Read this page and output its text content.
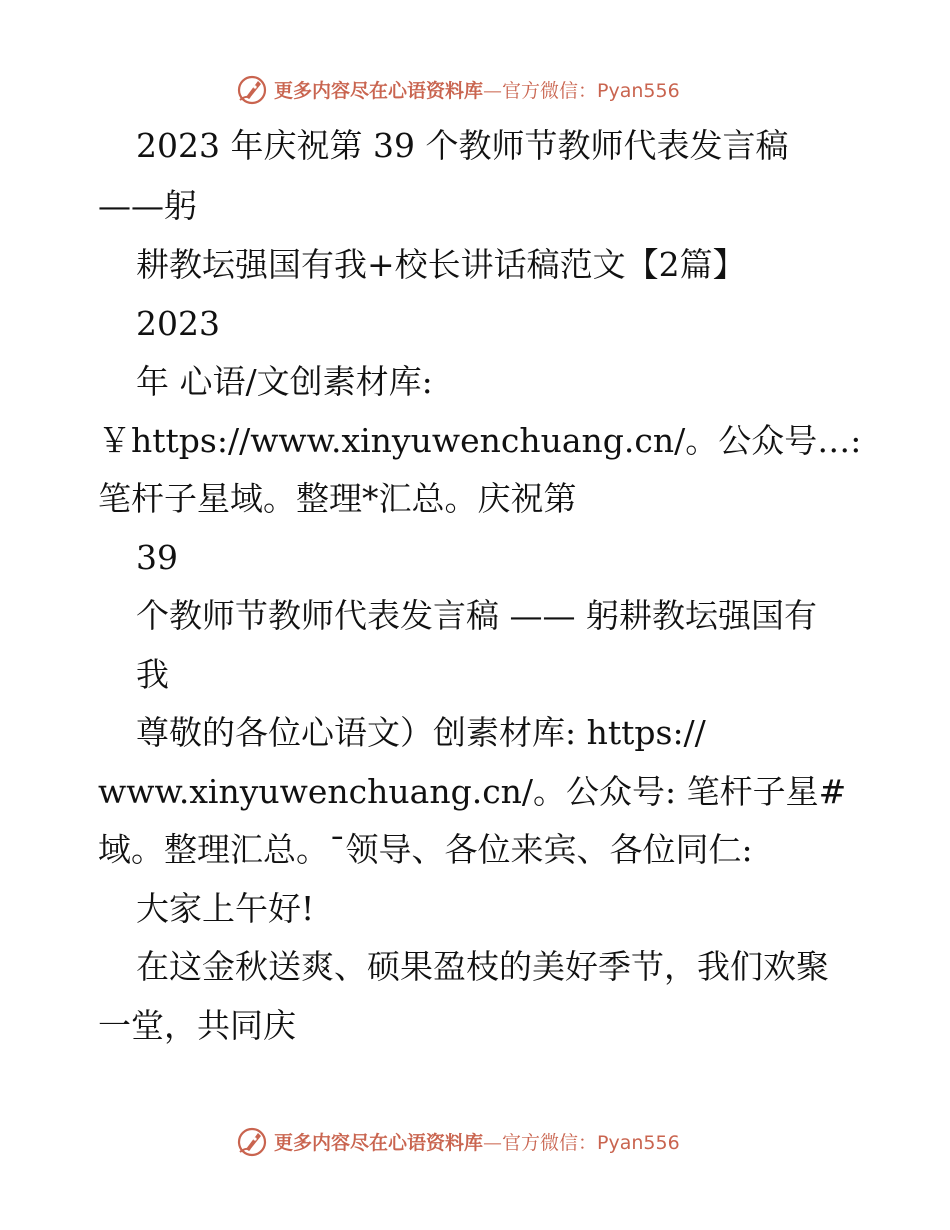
更多内容尽在心语资料库—官方微信：Pyan556
2023 年庆祝第 39 个教师节教师代表发言稿
——躬
耕教坛强国有我+校长讲话稿范文【2篇】
2023
年 心语/文创素材库:
￥https://www.xinyuwenchuang.cn/。公众号…:
笔杆子星域。整理*汇总。庆祝第
39
个教师节教师代表发言稿 —— 躬耕教坛强国有
我
尊敬的各位心语文）创素材库: https://
www.xinyuwenchuang.cn/。公众号: 笔杆子星#
域。整理汇总。¯领导、各位来宾、各位同仁:
大家上午好!
在这金秋送爽、硕果盈枝的美好季节，我们欢聚
一堂，共同庆
更多内容尽在心语资料库—官方微信：Pyan556
